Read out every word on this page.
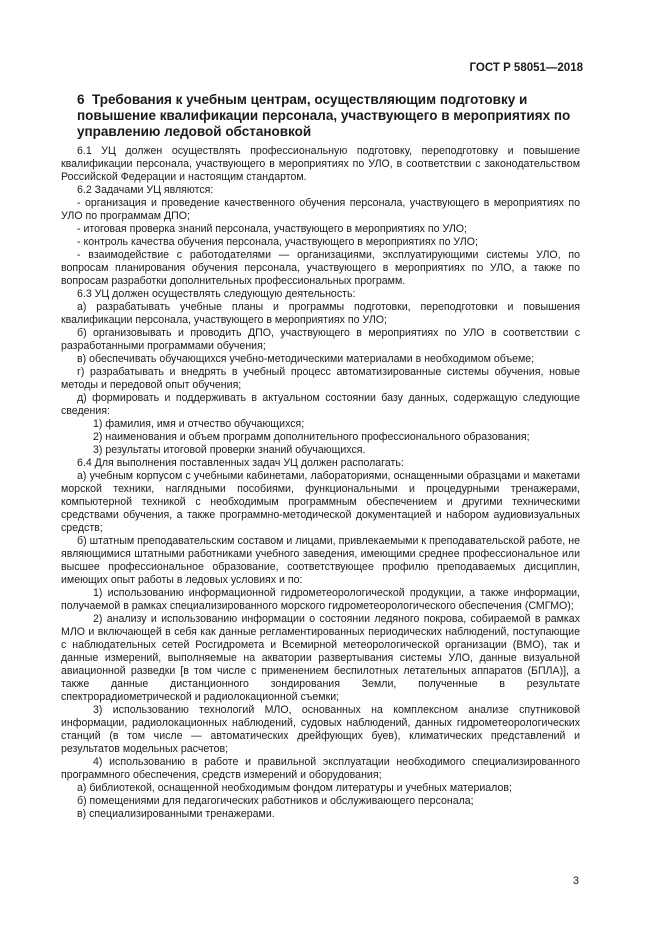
ГОСТ Р 58051—2018
6 Требования к учебным центрам, осуществляющим подготовку и повышение квалификации персонала, участвующего в мероприятиях по управлению ледовой обстановкой

6.1 УЦ должен осуществлять профессиональную подготовку, переподготовку и повышение квалификации персонала, участвующего в мероприятиях по УЛО, в соответствии с законодательством Российской Федерации и настоящим стандартом.

6.2 Задачами УЦ являются:

- организация и проведение качественного обучения персонала, участвующего в мероприятиях по УЛО по программам ДПО;

- итоговая проверка знаний персонала, участвующего в мероприятиях по УЛО;

- контроль качества обучения персонала, участвующего в мероприятиях по УЛО;

- взаимодействие с работодателями — организациями, эксплуатирующими системы УЛО, по вопросам планирования обучения персонала, участвующего в мероприятиях по УЛО, а также по вопросам разработки дополнительных профессиональных программ.

6.3 УЦ должен осуществлять следующую деятельность:

а) разрабатывать учебные планы и программы подготовки, переподготовки и повышения квалификации персонала, участвующего в мероприятиях по УЛО;

б) организовывать и проводить ДПО, участвующего в мероприятиях по УЛО в соответствии с разработанными программами обучения;

в) обеспечивать обучающихся учебно-методическими материалами в необходимом объеме;

г) разрабатывать и внедрять в учебный процесс автоматизированные системы обучения, новые методы и передовой опыт обучения;

д) формировать и поддерживать в актуальном состоянии базу данных, содержащую следующие сведения:

1) фамилия, имя и отчество обучающихся;

2) наименования и объем программ дополнительного профессионального образования;

3) результаты итоговой проверки знаний обучающихся.

6.4 Для выполнения поставленных задач УЦ должен располагать:

а) учебным корпусом с учебными кабинетами, лабораториями, оснащенными образцами и макетами морской техники, наглядными пособиями, функциональными и процедурными тренажерами, компьютерной техникой с необходимым программным обеспечением и другими техническими средствами обучения, а также программно-методической документацией и набором аудиовизуальных средств;

б) штатным преподавательским составом и лицами, привлекаемыми к преподавательской работе, не являющимися штатными работниками учебного заведения, имеющими среднее профессиональное или высшее профессиональное образование, соответствующее профилю преподаваемых дисциплин, имеющих опыт работы в ледовых условиях и по:

1) использованию информационной гидрометеорологической продукции, а также информации, получаемой в рамках специализированного морского гидрометеорологического обеспечения (СМГМО);

2) анализу и использованию информации о состоянии ледяного покрова, собираемой в рамках МЛО и включающей в себя как данные регламентированных периодических наблюдений, поступающие с наблюдательных сетей Росгидромета и Всемирной метеорологической организации (ВМО), так и данные измерений, выполняемые на акватории развертывания системы УЛО, данные визуальной авиационной разведки [в том числе с применением беспилотных летательных аппаратов (БПЛА)], а также данные дистанционного зондирования Земли, полученные в результате спектрорадиометрической и радиолокационной съемки;

3) использованию технологий МЛО, основанных на комплексном анализе спутниковой информации, радиолокационных наблюдений, судовых наблюдений, данных гидрометеорологических станций (в том числе — автоматических дрейфующих буев), климатических представлений и результатов модельных расчетов;

4) использованию в работе и правильной эксплуатации необходимого специализированного программного обеспечения, средств измерений и оборудования;

а) библиотекой, оснащенной необходимым фондом литературы и учебных материалов;

б) помещениями для педагогических работников и обслуживающего персонала;

в) специализированными тренажерами.

3
